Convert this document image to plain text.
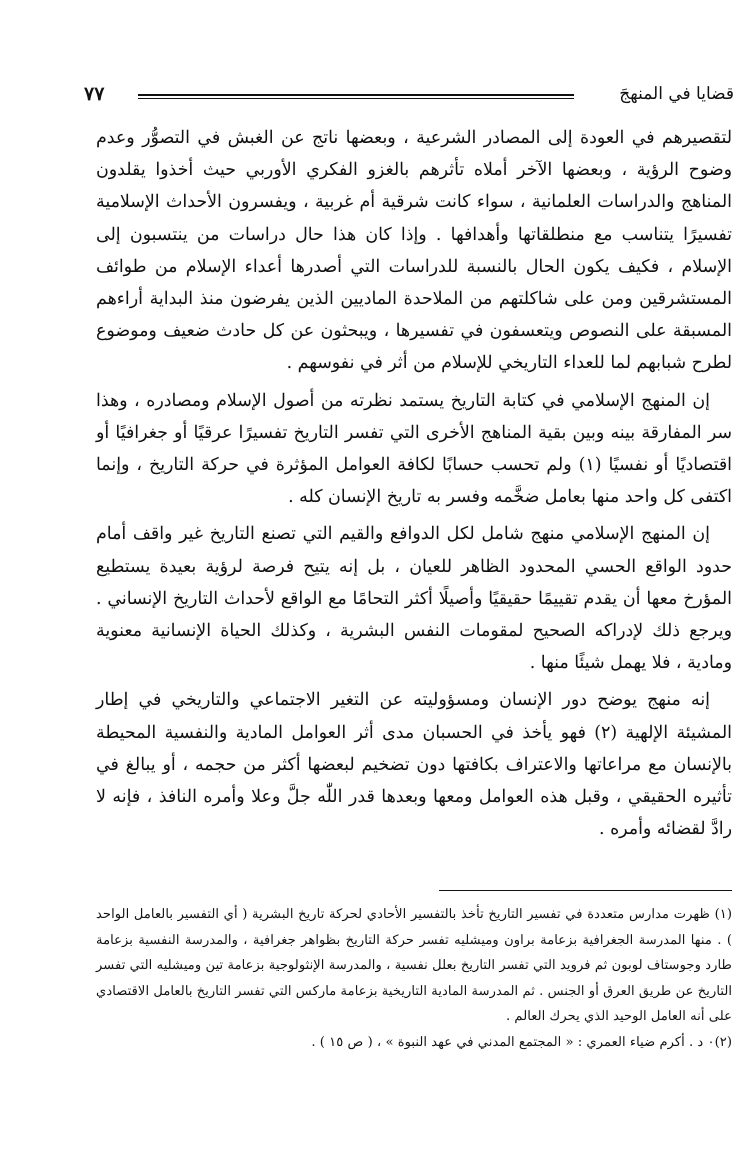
قضايا في المنهجَ
٧٧

لتقصيرهم في العودة إلى المصادر الشرعية ، وبعضها ناتج عن الغبش في التصوُّر وعدم وضوح الرؤية ، وبعضها الآخر أملاه تأثرهم بالغزو الفكري الأوربي حيث أخذوا يقلدون المناهج والدراسات العلمانية ، سواء كانت شرقية أم غربية ، ويفسرون الأحداث الإسلامية تفسيرًا يتناسب مع منطلقاتها وأهدافها . وإذا كان هذا حال دراسات من ينتسبون إلى الإسلام ، فكيف يكون الحال بالنسبة للدراسات التي أصدرها أعداء الإسلام من طوائف المستشرقين ومن على شاكلتهم من الملاحدة الماديين الذين يفرضون منذ البداية أراءهم المسبقة على النصوص ويتعسفون في تفسيرها ، ويبحثون عن كل حادث ضعيف وموضوع لطرح شبابهم لما للعداء التاريخي للإسلام من أثر في نفوسهم .

إن المنهج الإسلامي في كتابة التاريخ يستمد نظرته من أصول الإسلام ومصادره ، وهذا سر المفارقة بينه وبين بقية المناهج الأخرى التي تفسر التاريخ تفسيرًا عرقيًا أو جغرافيًا أو اقتصاديًا أو نفسيًا (١) ولم تحسب حسابًا لكافة العوامل المؤثرة في حركة التاريخ ، وإنما اكتفى كل واحد منها بعامل ضخَّمه وفسر به تاريخ الإنسان كله .

إن المنهج الإسلامي منهج شامل لكل الدوافع والقيم التي تصنع التاريخ غير واقف أمام حدود الواقع الحسي المحدود الظاهر للعيان ، بل إنه يتيح فرصة لرؤية بعيدة يستطيع المؤرخ معها أن يقدم تقييمًا حقيقيًا وأصيلًا أكثر التحامًا مع الواقع لأحداث التاريخ الإنساني . ويرجع ذلك لإدراكه الصحيح لمقومات النفس البشرية ، وكذلك الحياة الإنسانية معنوية ومادية ، فلا يهمل شيئًا منها .

إنه منهج يوضح دور الإنسان ومسؤوليته عن التغير الاجتماعي والتاريخي في إطار المشيئة الإلهية (٢) فهو يأخذ في الحسبان مدى أثر العوامل المادية والنفسية المحيطة بالإنسان مع مراعاتها والاعتراف بكافتها دون تضخيم لبعضها أكثر من حجمه ، أو يبالغ في تأثيره الحقيقي ، وقبل هذه العوامل ومعها وبعدها قدر اللّٰه جلَّ وعلا وأمره النافذ ، فإنه لا رادَّ لقضائه وأمره .

(١) ظهرت مدارس متعددة في تفسير التاريخ تأخذ بالتفسير الأحادي لحركة تاريخ البشرية ( أي التفسير بالعامل الواحد ) . منها المدرسة الجغرافية بزعامة براون وميشليه تفسر حركة التاريخ بظواهر جغرافية ، والمدرسة النفسية بزعامة طارد وجوستاف لوبون ثم فرويد التي تفسر التاريخ بعلل نفسية ، والمدرسة الإنثولوجية بزعامة تين وميشليه التي تفسر التاريخ عن طريق العرق أو الجنس . ثم المدرسة المادية التاريخية بزعامة ماركس التي تفسر التاريخ بالعامل الاقتصادي على أنه العامل الوحيد الذي يحرك العالم .

(٢)٠ د . أكرم ضياء العمري : « المجتمع المدني في عهد النبوة » ، ( ص ١٥ ) .
